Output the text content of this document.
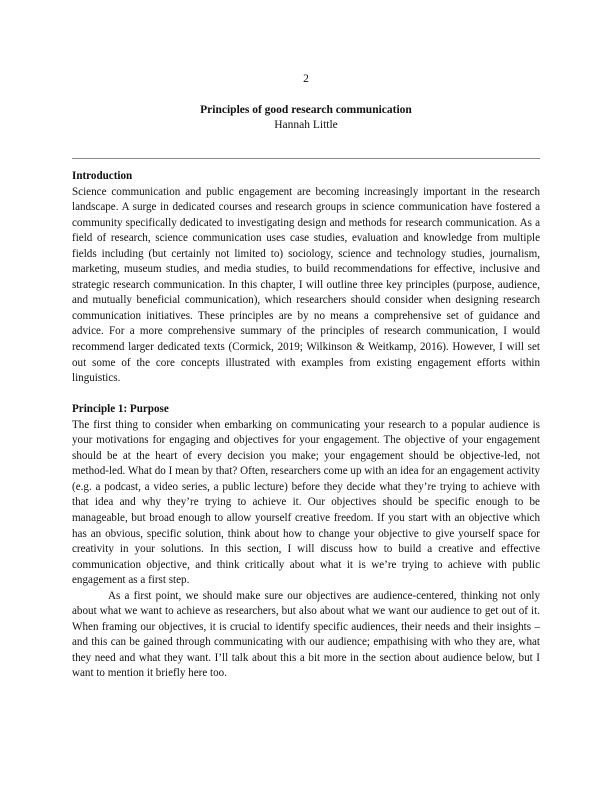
2
Principles of good research communication
Hannah Little

Introduction

Science communication and public engagement are becoming increasingly important in the research landscape. A surge in dedicated courses and research groups in science communication have fostered a community specifically dedicated to investigating design and methods for research communication. As a field of research, science communication uses case studies, evaluation and knowledge from multiple fields including (but certainly not limited to) sociology, science and technology studies, journalism, marketing, museum studies, and media studies, to build recommendations for effective, inclusive and strategic research communication. In this chapter, I will outline three key principles (purpose, audience, and mutually beneficial communication), which researchers should consider when designing research communication initiatives. These principles are by no means a comprehensive set of guidance and advice. For a more comprehensive summary of the principles of research communication, I would recommend larger dedicated texts (Cormick, 2019; Wilkinson & Weitkamp, 2016). However, I will set out some of the core concepts illustrated with examples from existing engagement efforts within linguistics.

Principle 1: Purpose

The first thing to consider when embarking on communicating your research to a popular audience is your motivations for engaging and objectives for your engagement. The objective of your engagement should be at the heart of every decision you make; your engagement should be objective-led, not method-led. What do I mean by that? Often, researchers come up with an idea for an engagement activity (e.g. a podcast, a video series, a public lecture) before they decide what they’re trying to achieve with that idea and why they’re trying to achieve it. Our objectives should be specific enough to be manageable, but broad enough to allow yourself creative freedom. If you start with an objective which has an obvious, specific solution, think about how to change your objective to give yourself space for creativity in your solutions. In this section, I will discuss how to build a creative and effective communication objective, and think critically about what it is we’re trying to achieve with public engagement as a first step.

As a first point, we should make sure our objectives are audience-centered, thinking not only about what we want to achieve as researchers, but also about what we want our audience to get out of it. When framing our objectives, it is crucial to identify specific audiences, their needs and their insights – and this can be gained through communicating with our audience; empathising with who they are, what they need and what they want. I’ll talk about this a bit more in the section about audience below, but I want to mention it briefly here too.
